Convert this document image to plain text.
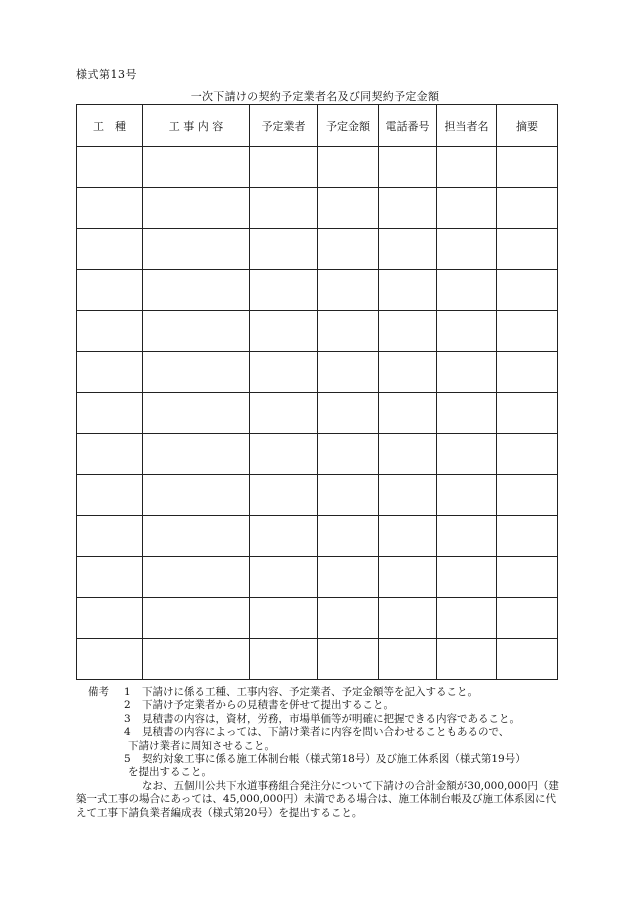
様式第13号
一次下請けの契約予定業者名及び同契約予定金額
工　種	工 事 内 容	予定業者	予定金額	電話番号	担当者名	摘要

備考 1 下請けに係る工種、工事内容、予定業者、予定金額等を記入すること。
2 下請け予定業者からの見積書を併せて提出すること。
3 見積書の内容は，資材，労務，市場単価等が明確に把握できる内容であること。
4 見積書の内容によっては、下請け業者に内容を問い合わせることもあるので、
下請け業者に周知させること。
5 契約対象工事に係る施工体制台帳（様式第18号）及び施工体系図（様式第19号）
を提出すること。
なお、五個川公共下水道事務組合発注分について下請けの合計金額が30,000,000円（建築一式工事の場合にあっては、45,000,000円）未満である場合は、施工体制台帳及び施工体系図に代えて工事下請負業者編成表（様式第20号）を提出すること。
